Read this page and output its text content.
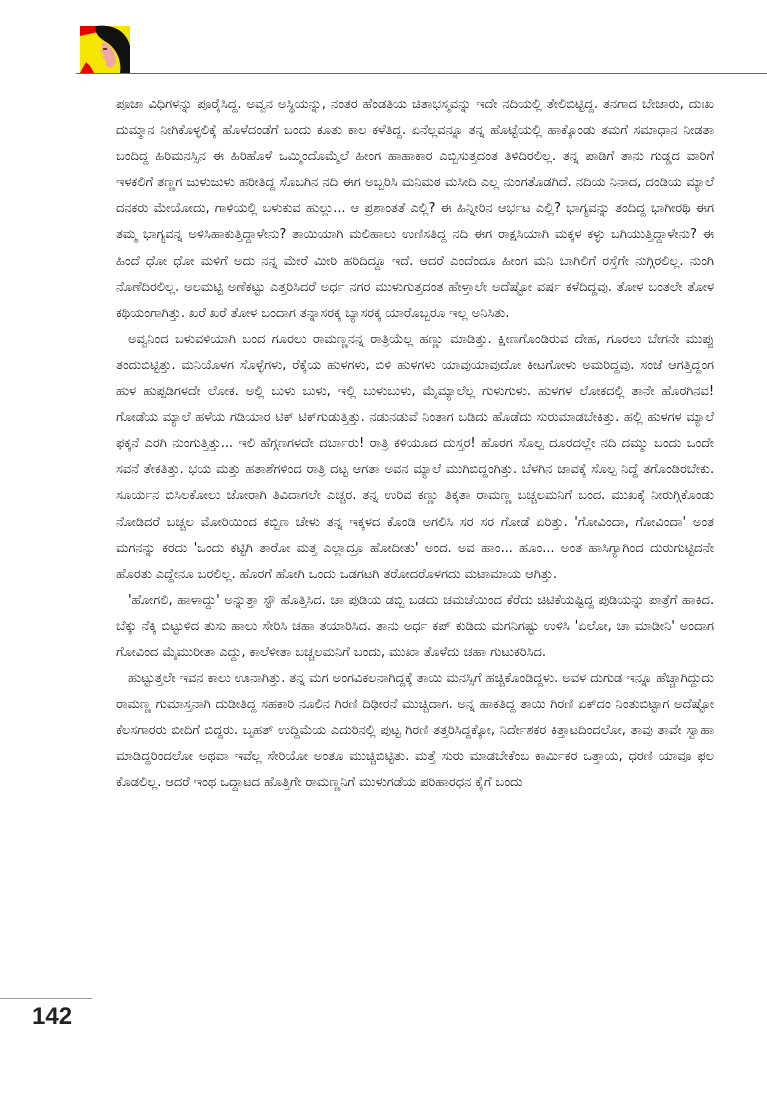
ಪೂಜಾ ವಿಧಿಗಳನ್ನು ಪೂರೈಸಿದ್ದ. ಅವ್ವನ ಅಸ್ಥಿಯನ್ನು, ನಂತರ ಹೆಂಡತಿಯ ಚಿತಾಭಸ್ಮವನ್ನು ಇದೇ ನದಿಯಲ್ಲಿ ತೇಲಿಬಿಟ್ಟಿದ್ದ. ತನಗಾದ ಬೇಜಾರು, ದುಃಖ ದುಮ್ಮಾನ ನೀಗಿಕೊಳ್ಳಲಿಕ್ಕೆ ಹೊಳೆದಂಡೆಗೆ ಬಂದು ಕೂತು ಕಾಲ ಕಳೆತಿದ್ದ. ಏನೆಲ್ಲವನ್ನೂ ತನ್ನ ಹೊಟ್ಟೆಯಲ್ಲಿ ಹಾಕ್ಕೊಂಡು ತಮಗೆ ಸಮಾಧಾನ ನೀಡತಾ ಬಂದಿದ್ದ ಹಿರಿಮನಸ್ಸಿನ ಈ ಹಿರಿಹೊಳೆ ಒಮ್ಮಿಂದೊಮ್ಮೆಲೆ ಹೀಂಗ ಹಾಹಾಕಾರ ಎಬ್ಬಿಸುತ್ತದಂತ ತಿಳಿದಿರಲಿಲ್ಲ. ತನ್ನ ಪಾಡಿಗೆ ತಾನು ಗುಡ್ಡದ ವಾರಿಗೆ ಇಳಕಲಿಗೆ ತಣ್ಣಗ ಜುಳುಜುಳು ಹರೀತಿದ್ದ ಸೊಬಗಿನ ನದಿ ಈಗ ಅಬ್ಬರಿಸಿ ಮನಿಮಠ ಮಸೀದಿ ಎಲ್ಲ ನುಂಗತೊಡಗಿದೆ. ನದಿಯ ನಿನಾದ, ದಂಡಿಯ ಮ್ಯಾಲೆ ದನಕರು ಮೇಯೋದು, ಗಾಳಿಯಲ್ಲಿ ಬಳುಕುವ ಹುಲ್ಲು... ಆ ಪ್ರಶಾಂತತೆ ಎಲ್ಲಿ? ಈ ಹಿನ್ನೀರಿನ ಆರ್ಭಟ ಎಲ್ಲಿ? ಭಾಗ್ಯವನ್ನು ತಂದಿದ್ದ ಭಾಗೀರಥಿ ಈಗ ತಮ್ಮ ಭಾಗ್ಯವನ್ನ ಅಳಿಸಿಹಾಕುತ್ತಿದ್ದಾಳೇನು? ತಾಯಿಯಾಗಿ ಮಲಿಹಾಲು ಉಣಿಸತಿದ್ದ ನದಿ ಈಗ ರಾಕ್ಷಸಿಯಾಗಿ ಮಕ್ಕಳ ಕಳ್ಳು ಬಗಿಯುತ್ತಿದ್ದಾಳೇನು? ಈ ಹಿಂದೆ ಧೋ ಧೋ ಮಳಿಗೆ ಅದು ನನ್ನ ಮೇರೆ ಮೀರಿ ಹರಿದಿದ್ದೂ ಇದೆ. ಆದರೆ ಎಂದೆಂದೂ ಹೀಂಗ ಮನಿ ಬಾಗಿಲಿಗೆ ರಸ್ತೆಗೇ ನುಗ್ಗಿರಲಿಲ್ಲ. ನುಂಗಿ ನೊಣೆದಿರಲಿಲ್ಲ. ಅಲಮಟ್ಟಿ ಅಣೆಕಟ್ಟು ಎತ್ತರಿಸಿದರೆ ಅರ್ಧ ನಗರ ಮುಳುಗುತ್ತದಂತ ಹೇಳ್ತಾಲೇ ಅದೆಷ್ಟೋ ವರ್ಷ ಕಳೆದಿದ್ದವು. ತೋಳ ಬಂತಲೇ ತೋಳ ಕಥಿಯಂಗಾಗಿತ್ತು. ಖರೆ ಖರೆ ತೋಳ ಬಂದಾಗ ತನ್ನಾಸರಕ್ಕ ಬ್ಯಾಸರಕ್ಕ ಯಾರೊಬ್ಬರೂ ಇಲ್ಲ ಅನಿಸಿತು.

ಅವ್ವನಿಂದ ಬಳುವಳಿಯಾಗಿ ಬಂದ ಗೂರಲು ರಾಮಣ್ಣನನ್ನ ರಾತ್ರಿಯೆಲ್ಲ ಹಣ್ಣು ಮಾಡಿತ್ತು. ಕ್ಷೀಣಗೊಂಡಿರುವ ದೇಹ, ಗೂರಲು ಬೇಗನೇ ಮುಪ್ಪು ತಂದುಬಿಟ್ಟಿತ್ತು. ಮನಿಯೊಳಗ ಸೊಳ್ಳೆಗಳು, ರೆಕ್ಕೆಯ ಹುಳಗಳು, ಬಿಳಿ ಹುಳಗಳು ಯಾವುಯಾವುದೋ ಕೀಟಗೋಳು ಅಮರಿದ್ದವು. ಸಂಜೆ ಆಗತ್ತಿದ್ದಂಗ ಹುಳ ಹುಪ್ಪಡಿಗಳದೇ ಲೋಕ. ಅಲ್ಲಿ ಬುಳು ಬುಳು, ಇಲ್ಲಿ ಬುಳುಬುಳು, ಮೈಮ್ಯಾಲೆಲ್ಲ ಗುಳುಗುಳು. ಹುಳಗಳ ಲೋಕದಲ್ಲಿ ತಾನೇ ಹೊರಗಿನವ! ಗೋಡೆಯ ಮ್ಯಾಲೆ ಹಳೆಯ ಗಡಿಯಾರ ಟಿಕ್ ಟಿಕ್‌ಗುಡುತ್ತಿತ್ತು. ನಡುನಡುವೆ ನಿಂತಾಗ ಬಡಿದು ಹೊಡೆದು ಸುರುಮಾಡಬೇಕಿತ್ತು. ಹಲ್ಲಿ ಹುಳಗಳ ಮ್ಯಾಲೆ ಫಕ್ಕನೆ ಎರಗಿ ನುಂಗುತ್ತಿತ್ತು... ಇಲಿ ಹೆಗ್ಗಣಗಳದೇ ದರ್ಬಾರು! ರಾತ್ರಿ ಕಳಿಯೂದ ದುಸ್ತರ! ಹೊರಗ ಸೊಲ್ಪ ದೂರದಲ್ಲೇ ನದಿ ದಮ್ಮು ಬಂದು ಒಂದೇ ಸವನೆ ತೇಕತಿತ್ತು. ಭಯ ಮತ್ತು ಹತಾಶೆಗಳಿಂದ ರಾತ್ರಿ ದಟ್ಟ ಆಗತಾ ಅವನ ಮ್ಯಾಲೆ ಮುಗಿಬಿದ್ದಂಗಿತ್ತು. ಬೆಳಗಿನ ಜಾವಕ್ಕೆ ಸೊಲ್ಪ ನಿದ್ದೆ ತಗೊಂಡಿರಬೇಕು. ಸೂರ್ಯನ ಬಿಸಿಲಕೋಲು ಜೋರಾಗಿ ತಿವಿದಾಗಲೇ ಎಚ್ಚರ. ತನ್ನ ಉರಿವ ಕಣ್ಣು ತಿಕ್ಕತಾ ರಾಮಣ್ಣ ಬಚ್ಚಲಮನಿಗೆ ಬಂದ. ಮುಖಕ್ಕೆ ನೀರುಗ್ಗಿಕೊಂಡು ನೋಡಿದರೆ ಬಚ್ಚಲ ಮೋರಿಯಿಂದ ಕಬ್ಬಿಣ ಚೇಳು ತನ್ನ ಇಕ್ಕಳದ ಕೊಂಡಿ ಅಗಲಿಸಿ ಸರ ಸರ ಗೋಡೆ ಏರಿತ್ತು. 'ಗೋವಿಂದಾ, ಗೋವಿಂದಾ' ಅಂತ ಮಗನನ್ನು ಕರದು 'ಒಂದು ಕಟ್ಟಿಗಿ ತಾರೋ ಮತ್ತ ಎಲ್ಲಾದ್ರೂ ಹೋದೀತು' ಅಂದ. ಅವ ಹಾಂ... ಹೂಂ... ಅಂತ ಹಾಸಿಗ್ಯಾಗಿಂದ ದುರುಗುಟ್ಟಿದನೇ ಹೊರತು ಎದ್ದೇನೂ ಬರಲಿಲ್ಲ. ಹೊರಗೆ ಹೋಗಿ ಒಂದು ಒಡಗಟಗಿ ತರೋದರೊಳಗದು ಮಟಾಮಾಯ ಆಗಿತ್ತು.

'ಹೋಗಲಿ, ಹಾಳಾದ್ದು' ಅನ್ನುತ್ತಾ ಸ್ಟೌ ಹೊತ್ತಿಸಿದ. ಚಾ ಪುಡಿಯ ಡಬ್ಬಿ ಬಡದು ಚಮಚೆಯಿಂದ ಕೆರೆದು ಚಿಟಿಕೆಯಷ್ಟಿದ್ದ ಪುಡಿಯನ್ನು ಪಾತ್ರೆಗೆ ಹಾಕಿದ. ಬೆಕ್ಕು ನೆಕ್ಕಿ ಬಿಟ್ಟುಳಿದ ತುಸು ಹಾಲು ಸೇರಿಸಿ ಚಹಾ ತಯಾರಿಸಿದ. ತಾನು ಅರ್ಧ ಕಪ್ ಕುಡಿದು ಮಗನಿಗಷ್ಟು ಉಳಿಸಿ 'ಏಲೋ, ಚಾ ಮಾಡೀನಿ' ಅಂದಾಗ ಗೋವಿಂದ ಮೈಮುರೀತಾ ಎದ್ದು, ಕಾಲೆಳೀತಾ ಬಚ್ಚಲಮನಿಗೆ ಬಂದು, ಮುಖಾ ತೊಳೆದು ಚಹಾ ಗುಟುಕರಿಸಿದ.

ಹುಟ್ಟುತ್ತಲೇ ಇವನ ಕಾಲು ಊನಾಗಿತ್ತು. ತನ್ನ ಮಗ ಅಂಗವಿಕಲನಾಗಿದ್ದಕ್ಕೆ ತಾಯಿ ಮನಸ್ಸಿಗೆ ಹಚ್ಚಿಕೊಂಡಿದ್ದಳು. ಅವಳ ದುಗುಡ ಇನ್ನೂ ಹೆಚ್ಚಾಗಿದ್ದುದು ರಾಮಣ್ಣ ಗುಮಾಸ್ತನಾಗಿ ದುಡೀತಿದ್ದ ಸಹಕಾರಿ ನೂಲಿನ ಗಿರಣಿ ದಿಢೀರನೆ ಮುಚ್ಚಿದಾಗ. ಅನ್ನ ಹಾಕತಿದ್ದ ತಾಯಿ ಗಿರಣಿ ಏಕ್‌ದಂ ನಿಂತುಬಿಟ್ಟಾಗ ಅದೆಷ್ಟೋ ಕೆಲಸಗಾರರು ಬೀದಿಗೆ ಬಿದ್ದರು. ಬೃಹತ್ ಉದ್ದಿಮೆಯ ಎದುರಿನಲ್ಲಿ ಪುಟ್ಟ ಗಿರಣಿ ತತ್ತರಿಸಿದ್ದಕ್ಕೋ, ನಿರ್ದೇಶಕರ ಕಿತ್ತಾಟದಿಂದಲೋ, ತಾವು ತಾವೇ ಸ್ವಾಹಾ ಮಾಡಿದ್ದರಿಂದಲೋ ಅಥವಾ ಇವೆಲ್ಲ ಸೇರಿಯೋ ಅಂತೂ ಮುಚ್ಚಿಬಿಟ್ಟಿತು. ಮತ್ತೆ ಸುರು ಮಾಡಬೇಕೆಂಬ ಕಾರ್ಮಿಕರ ಒತ್ತಾಯ, ಧರಣಿ ಯಾವೂ ಫಲ ಕೊಡಲಿಲ್ಲ. ಆದರೆ ಇಂಥ ಒದ್ದಾಟದ ಹೊತ್ತಿಗೇ ರಾಮಣ್ಣನಿಗೆ ಮುಳುಗಡೆಯ ಪರಿಹಾರಧನ ಕೈಗೆ ಬಂದು

142
